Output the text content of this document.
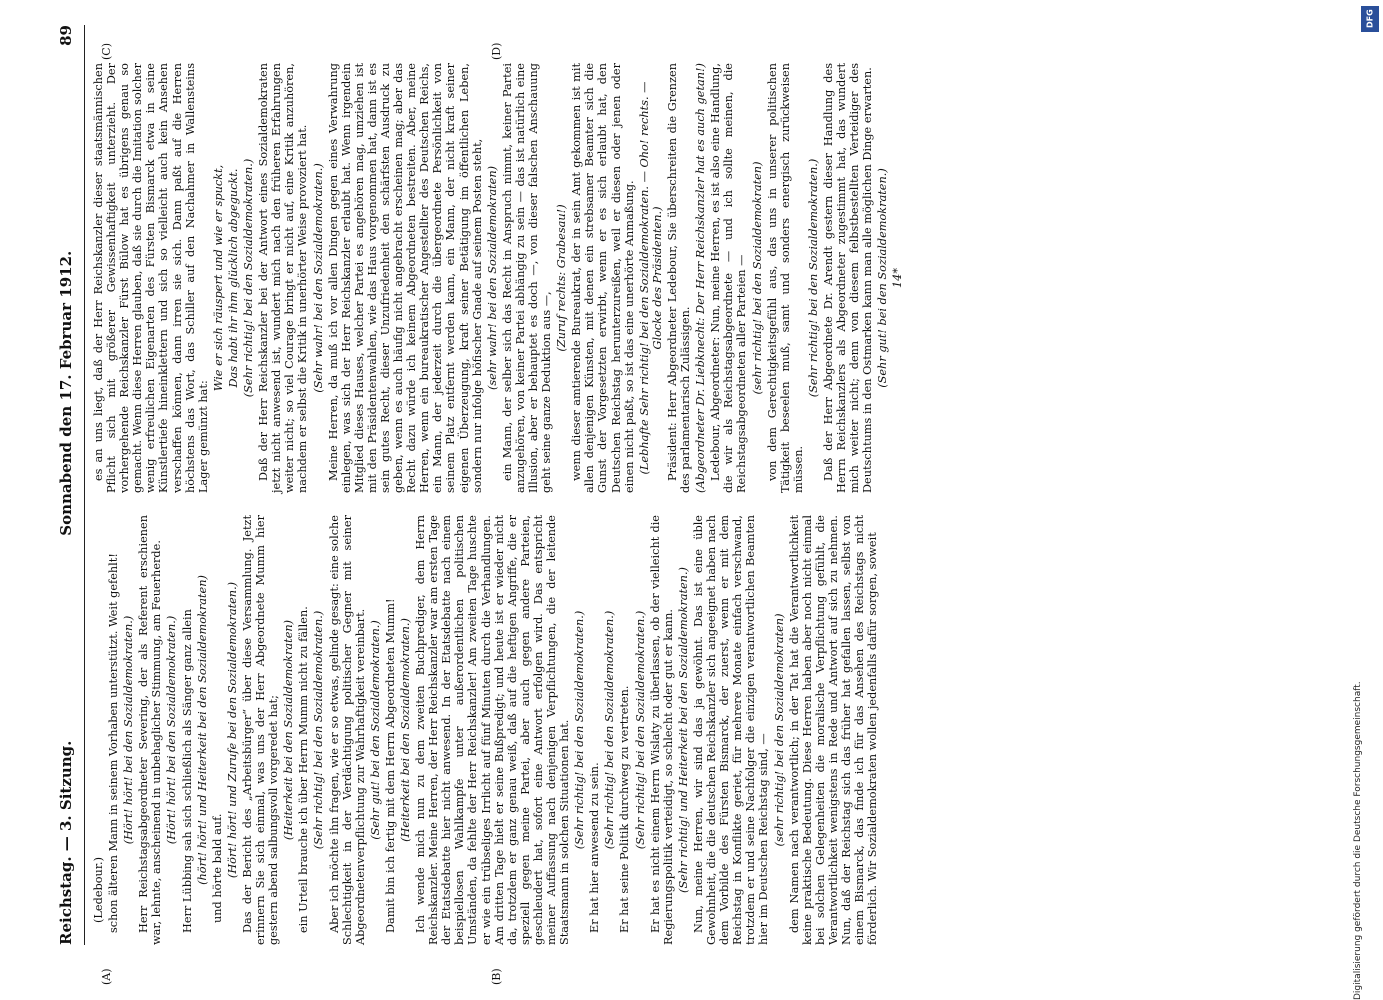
Reichstag. — 3. Sitzung.
Sonnabend den 17. Februar 1912.
89
(A)	(B)
(C)	(D)

(Ledebour.) schon älteren Mann in seinem Vorhaben unterstützt. Weit gefehlt! (Hört! hört! bei den Sozialdemokraten.) Herr Reichstagsabgeordneter Severing, der als Referent erschienen war, lehnte, anscheinend in unbehaglicher Stimmung, am Feuerherde. (Hört! hört! bei den Sozialdemokraten.) Herr Lübbing sah sich schließlich als Sänger ganz allein (hört! hört! und Heiterkeit bei den Sozialdemokraten) und hörte bald auf. (Hört! hört! und Zurufe bei den Sozialdemokraten.) Das der Bericht des „Arbeitsbürger“ über diese Versammlung. Jetzt erinnern Sie sich einmal, was uns der Herr Abgeordnete Mumm hier gestern abend salbungsvoll vorgeredet hat; (Heiterkeit bei den Sozialdemokraten) ein Urteil brauche ich über Herrn Mumm nicht zu fällen. (Sehr richtig! bei den Sozialdemokraten.) Aber ich möchte ihn fragen, wie er so etwas, gelinde gesagt: eine solche Schlechtigkeit in der Verdächtigung politischer Gegner mit seiner Abgeordnetenverpflichtung zur Wahrhaftigkeit vereinbart. (Sehr gut! bei den Sozialdemokraten.) Damit bin ich fertig mit dem Herrn Abgeordneten Mumm! (Heiterkeit bei den Sozialdemokraten.) Ich wende mich nun zu dem zweiten Buchprediger, dem Herrn Reichskanzler. Meine Herren, der Herr Reichskanzler war am ersten Tage der Etatsdebatte hier nicht anwesend. In der Etatsdebatte nach einem beispiellosen Wahlkampfe unter außerordentlichen politischen Umständen, da fehlte der Herr Reichskanzler! Am zweiten Tage huschte er wie ein trübseliges Irrlicht auf fünf Minuten durch die Verhandlungen. Am dritten Tage hielt er seine Bußpredigt; und heute ist er wieder nicht da, trotzdem er ganz genau weiß, daß auf die heftigen Angriffe, die er speziell gegen meine Partei, aber auch gegen andere Parteien, geschleudert hat, sofort eine Antwort erfolgen wird. Das entspricht meiner Auffassung nach denjenigen Verpflichtungen, die der leitende Staatsmann in solchen Situationen hat. (Sehr richtig! bei den Sozialdemokraten.) Er hat hier anwesend zu sein. (Sehr richtig! bei den Sozialdemokraten.) Er hat seine Politik durchweg zu vertreten. (Sehr richtig! bei den Sozialdemokraten.) Er hat es nicht einem Herrn Wislaty zu überlassen, ob der vielleicht die Regierungspolitik verteidigt, so schlecht oder gut er kann. (Sehr richtig! und Heiterkeit bei den Sozialdemokraten.) Nun, meine Herren, wir sind das ja gewöhnt. Das ist eine üble Gewohnheit, die die deutschen Reichskanzler sich angeeignet haben nach dem Vorbilde des Fürsten Bismarck, der zuerst, wenn er mit dem Reichstag in Konflikte geriet, für mehrere Monate einfach verschwand, trotzdem er und seine Nachfolger die einzigen verantwortlichen Beamten hier im Deutschen Reichstag sind, — (sehr richtig! bei den Sozialdemokraten) dem Namen nach verantwortlich; in der Tat hat die Verantwortlichkeit keine praktische Bedeutung. Diese Herren haben aber noch nicht einmal bei solchen Gelegenheiten die moralische Verpflichtung gefühlt, die Verantwortlichkeit wenigstens in Rede und Antwort auf sich zu nehmen. Nun, daß der Reichstag sich das früher hat gefallen lassen, selbst von einem Bismarck, das finde ich für das Ansehen des Reichstags nicht förderlich. Wir Sozialdemokraten wollen jedenfalls dafür sorgen, soweit

es an uns liegt, daß der Herr Reichskanzler dieser staatsmännischen Pflicht sich mit größerer Gewissenhaftigkeit unterzieht. Der vorhergehende Reichskanzler Fürst Bülow hat es übrigens genau so gemacht. Wenn diese Herren glauben, daß sie durch die Imitation solcher wenig erfreulichen Eigenarten des Fürsten Bismarck etwa in seine Künstlertiefe hineinklettern und sich so vielleicht auch kein Ansehen verschaffen können, dann irren sie sich. Dann paßt auf die Herren höchstens das Wort, das Schiller auf den Nachahmer in Wallensteins Lager gemünzt hat:

Wie er sich räuspert und wie er spuckt, Das habt ihr ihm glücklich abgeguckt. (Sehr richtig! bei den Sozialdemokraten.) Daß der Herr Reichskanzler bei der Antwort eines Sozialdemokraten jetzt nicht anwesend ist, wundert mich nach den früheren Erfahrungen weiter nicht; so viel Courage bringt er nicht auf, eine Kritik anzuhören, nachdem er selbst die Kritik in unerhörter Weise provoziert hat. (Sehr wahr! bei den Sozialdemokraten.) Meine Herren, da muß ich vor allen Dingen gegen eines Verwahrung einlegen, was sich der Herr Reichskanzler erlaubt hat. Wenn irgendein Mitglied dieses Hauses, welcher Partei es angehören mag, umziehen ist mit den Präsidentenwahlen, wie das Haus vorgenommen hat, dann ist es sein gutes Recht, dieser Unzufriedenheit den schärfsten Ausdruck zu geben, wenn es auch häufig nicht angebracht erscheinen mag; aber das Recht dazu würde ich keinem Abgeordneten bestreiten. Aber, meine Herren, wenn ein bureaukratischer Angestellter des Deutschen Reichs, ein Mann, der jederzeit durch die übergeordnete Persönlichkeit von seinem Platz entfernt werden kann, ein Mann, der nicht kraft seiner eigenen Überzeugung, kraft seiner Betätigung im öffentlichen Leben, sondern nur infolge höfischer Gnade auf seinem Posten steht, (sehr wahr! bei den Sozialdemokraten) ein Mann, der selber sich das Recht in Anspruch nimmt, keiner Partei anzugehören, von keiner Partei abhängig zu sein — das ist natürlich eine Illusion, aber er behauptet es doch —, von dieser falschen Anschauung geht seine ganze Deduktion aus —,

(Zuruf rechts: Grabesau!) wenn dieser amtierende Bureaukrat, der in sein Amt gekommen ist mit allen denjenigen Künsten, mit denen ein strebsamer Beamter sich die Gunst der Vorgesetzten erwirbt, wenn er es sich erlaubt hat, den Deutschen Reichstag herunterzureißen, weil er diesen oder jenen oder einen nicht paßt, so ist das eine unerhörte Anmaßung. (Lebhafte Sehr richtig! bei den Sozialdemokraten. — Oho! rechts. — Glocke des Präsidenten.) Präsident: Herr Abgeordneter Ledebour, Sie überschreiten die Grenzen des parlamentarisch Zulässigen. (Abgeordneter Dr. Liebknecht: Der Herr Reichskanzler hat es auch getan!) Ledebour, Abgeordneter: Nun, meine Herren, es ist also eine Handlung, die wir als Reichstagsabgeordnete — und ich sollte meinen, die Reichstagsabgeordneten aller Parteien — (sehr richtig! bei den Sozialdemokraten) von dem Gerechtigkeitsgefühl aus, das uns in unserer politischen Tätigkeit beseelen muß, samt und sonders energisch zurückweisen müssen.

(Sehr richtig! bei den Sozialdemokraten.) Daß der Herr Abgeordnete Dr. Arendt gestern dieser Handlung des Herrn Reichskanzlers als Abgeordneter zugestimmt hat, das wundert mich weiter nicht; denn von diesem felbstbestellten Verteidiger des Deutschtums in den Ostmarken kann man alle möglichen Dinge erwarten. (Sehr gut! bei den Sozialdemokraten.) 14*

Digitalisierung gefördert durch die Deutsche Forschungsgemeinschaft.
DFG
